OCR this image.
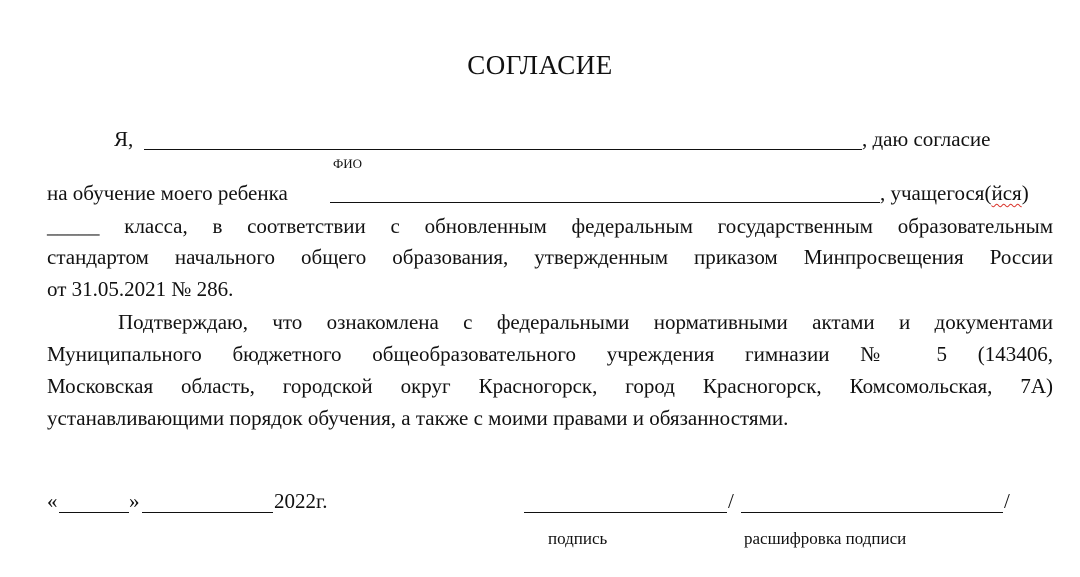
СОГЛАСИЕ
Я,	, даю согласие
ФИО
на обучение моего ребенка	, учащегося(йся)
_____ класса, в соответствии с обновленным федеральным государственным образовательным
стандартом начального общего образования, утвержденным приказом Минпросвещения России
от 31.05.2021 № 286.
Подтверждаю, что ознакомлена с федеральными нормативными актами и документами
Муниципального бюджетного общеобразовательного учреждения гимназии № 5 (143406,
Московская область, городской округ Красногорск, город Красногорск, Комсомольская, 7А)
устанавливающими порядок обучения, а также с моими правами и обязанностями.
«	»	2022г.	/	/
подпись	расшифровка подписи
